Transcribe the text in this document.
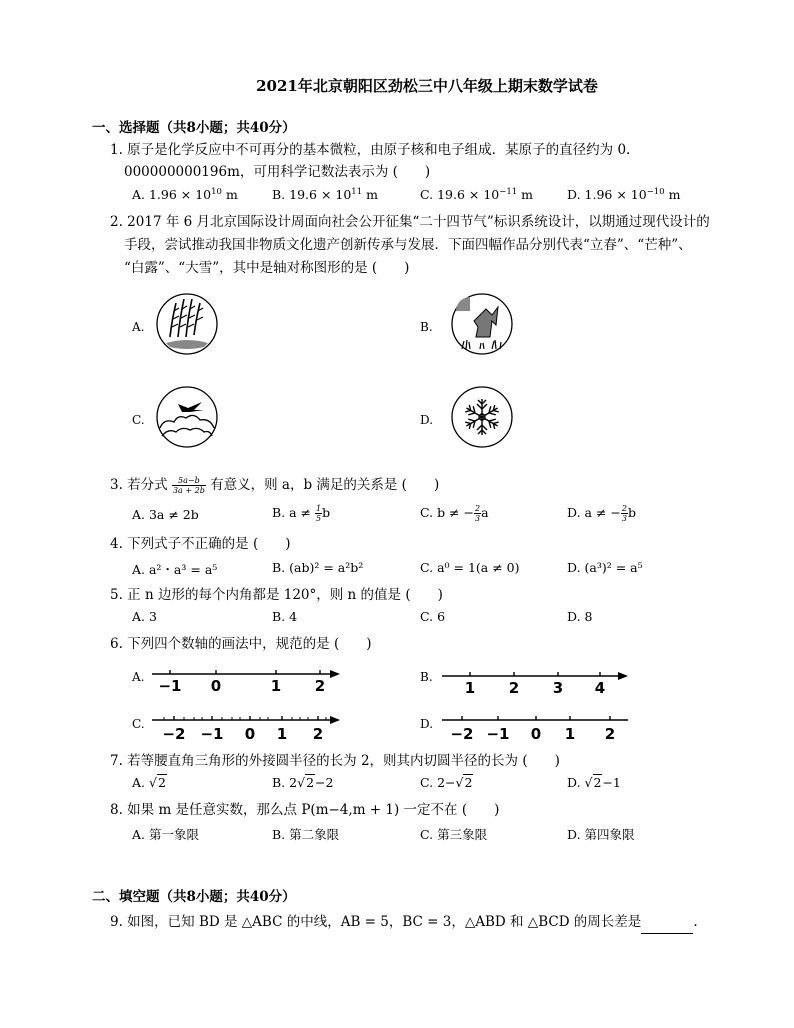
2021年北京朝阳区劲松三中八年级上期末数学试卷
一、选择题（共8小题；共40分）
1. 原子是化学反应中不可再分的基本微粒，由原子核和电子组成．某原子的直径约为 0.
000000000196m，可用科学记数法表示为 (　　)
A. $1.96 \times 10^{10}$ m	B. $19.6 \times 10^{11}$ m	C. $19.6 \times 10^{-11}$ m	D. $1.96 \times 10^{-10}$ m
2. 2017 年 6 月北京国际设计周面向社会公开征集“二十四节气”标识系统设计，以期通过现代设计的
手段，尝试推动我国非物质文化遗产创新传承与发展．下面四幅作品分别代表“立春”、“芒种”、
“白露”、“大雪”，其中是轴对称图形的是 (　　)
A.	B.
C.	D.
3. 若分式 $\frac{5a-b}{3a + 2b}$ 有意义，则 a，b 满足的关系是 (　　)
A. 3a ≠ 2b	B. $a \ne \frac{1}{5}$ b	C. b ≠ − $\frac{2}{3}$ a	D. a ≠ − $\frac{2}{3}$ b
4. 下列式子不正确的是 (　　)
A. a²・a³ = a⁵	B. (ab)² = a²b²	C. a⁰ = 1(a ≠ 0)	D. (a³)² = a⁵
5. 正 n 边形的每个内角都是 120°，则 n 的值是 (　　)
A. 3	B. 4	C. 6	D. 8
6. 下列四个数轴的画法中，规范的是 (　　)
A. −1 0	1 2	B.
1 2 3 4
C.
−2 −1 0 1 2
D.
−2 −1 0 1 2
7. 若等腰直角三角形的外接圆半径的长为 2，则其内切圆半径的长为 (　　)
A. √2	B. 2√2−2	C. 2−√2	D. √2−1
8. 如果 m 是任意实数，那么点 P(m−4,m + 1) 一定不在 (　　)
A. 第一象限	B. 第二象限	C. 第三象限	D. 第四象限
二、填空题（共8小题；共40分）
9. 如图，已知 BD 是 △ABC 的中线，AB = 5，BC = 3，△ABD 和 △BCD 的周长差是	.
